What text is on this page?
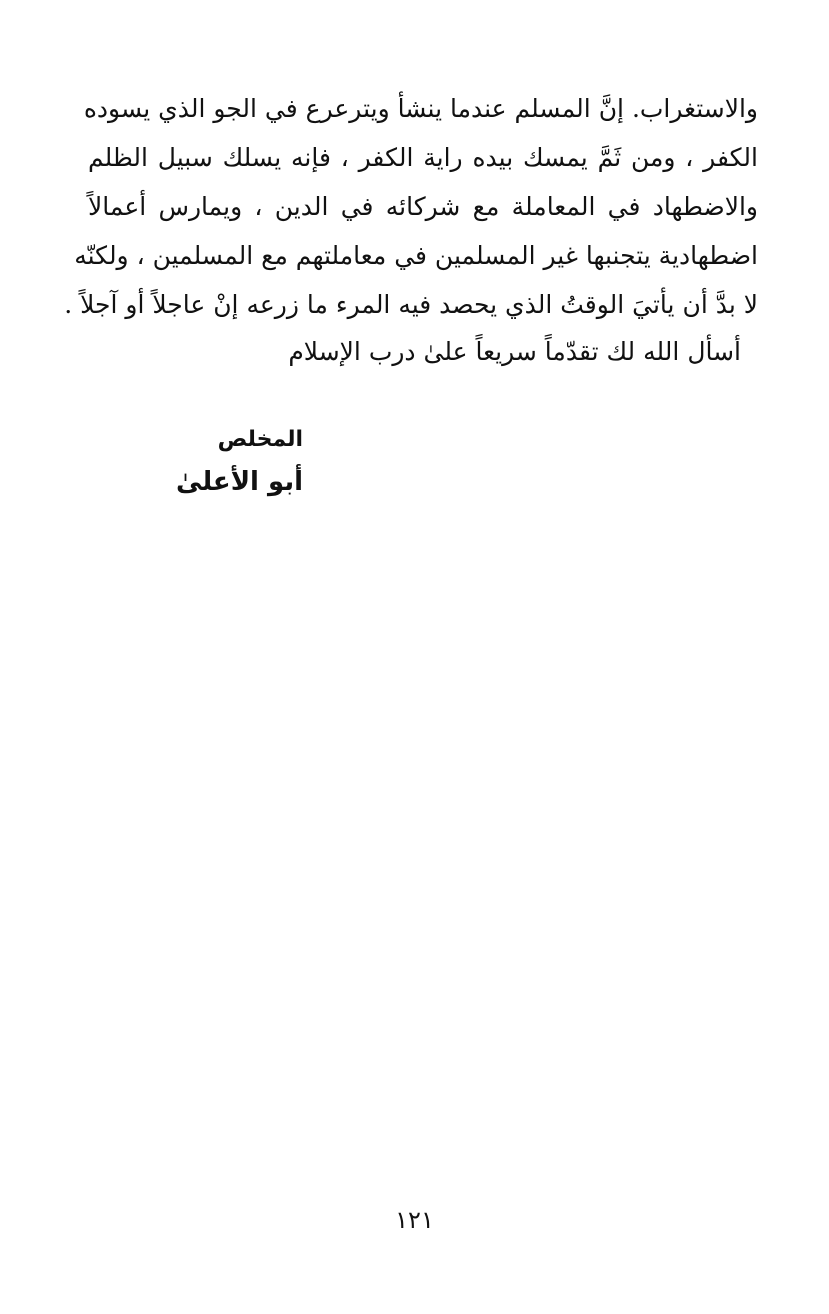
والاستغراب. إنَّ المسلم عندما ينشأ ويترعرع في الجو الذي يسوده
الكفر ، ومن ثَمَّ يمسك بيده راية الكفر ، فإنه يسلك سبيل الظلم
والاضطهاد في المعاملة مع شركائه في الدين ، ويمارس أعمالاً
اضطهادية يتجنبها غير المسلمين في معاملتهم مع المسلمين ، ولكنّه
لا بدَّ أن يأتيَ الوقتُ الذي يحصد فيه المرء ما زرعه إنْ عاجلاً أو آجلاً .

أسأل الله لك تقدّماً سريعاً علىٰ درب الإسلام

المخلص
أبو الأعلىٰ
١٢١
